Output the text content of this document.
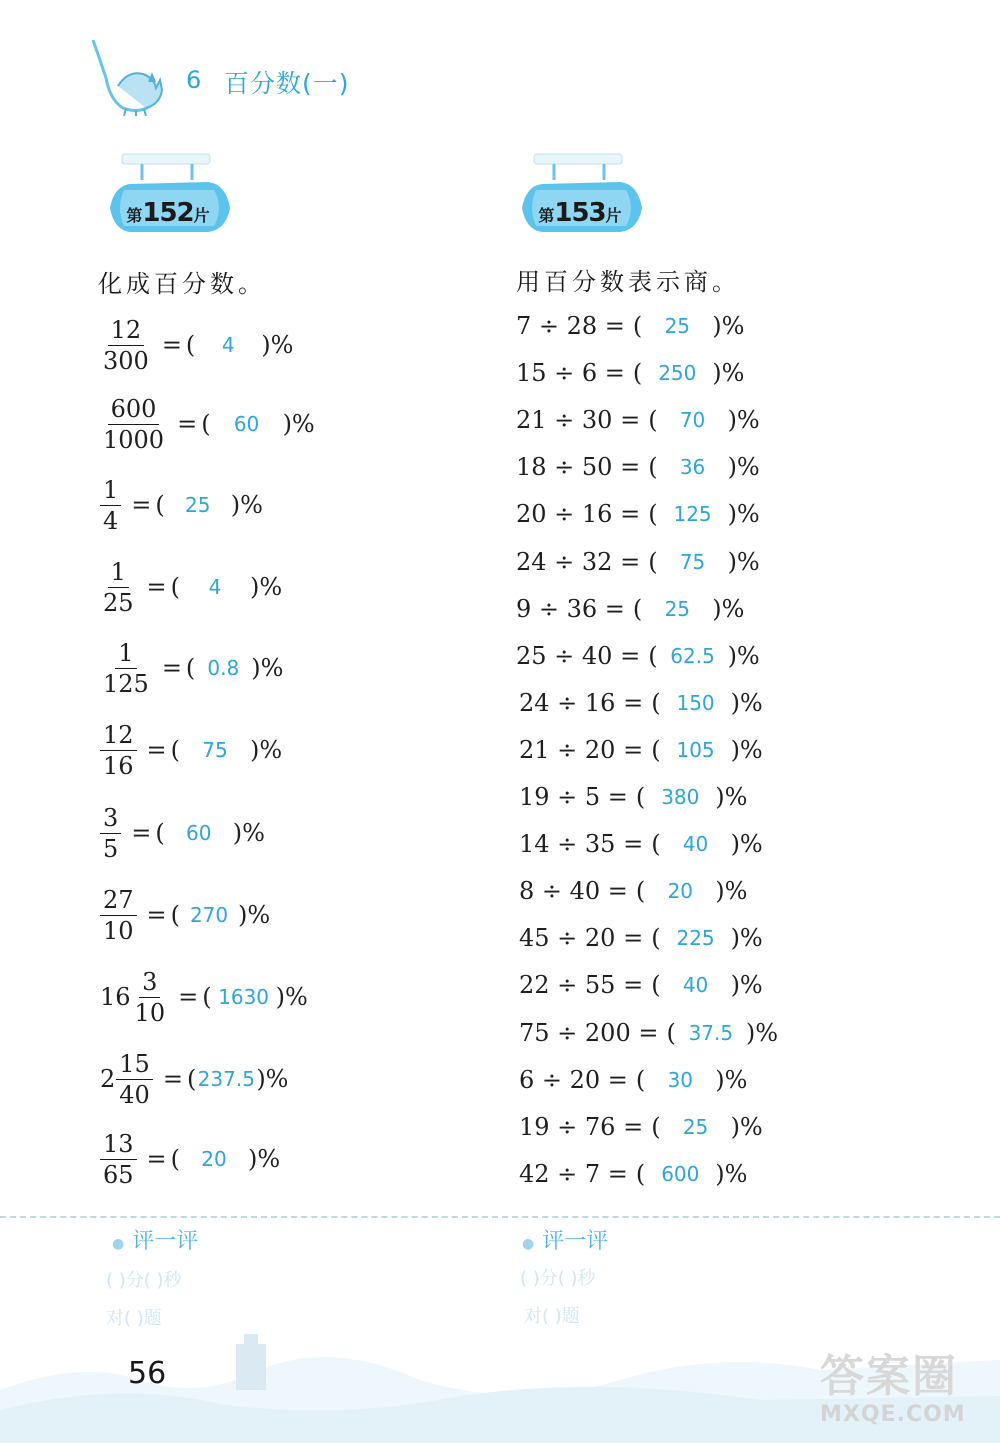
6 百分数(一)
第152片	第153片
化成百分数。	用百分数表示商。
$\frac{12}{300}$ = (	4	)%
$\frac{600}{1000}$ = (	60 )%
$\frac{1}{4}$ = (	25 )%
$\frac{1}{25}$ = (	4	)%
$\frac{1}{125}$ = ( 0.8 )%
$\frac{12}{16}$ = (	75 )%
$\frac{3}{5}$ = (	60 )%
$\frac{27}{10}$ = ( 270 )%
$16 \frac{3}{10}$ = ( 1630 )%
$2 \frac{15}{40}$ = ( 237.5 )%
$\frac{13}{65}$ = (	20 )%
7 ÷ 28 = (	25 )%
15 ÷ 6 = ( 250 )%
21 ÷ 30 = (	70 )%
18 ÷ 50 = (	36 )%
20 ÷ 16 = ( 125 )%
24 ÷ 32 = (	75 )%
9 ÷ 36 = (	25 )%
25 ÷ 40 = ( 62.5 )%
24 ÷ 16 = ( 150 )%
21 ÷ 20 = ( 105 )%
19 ÷ 5 = ( 380 )%
14 ÷ 35 = (	40 )%
8 ÷ 40 = (	20 )%
45 ÷ 20 = ( 225 )%
22 ÷ 55 = (	40 )%
75 ÷ 200 = ( 37.5 )%
6 ÷ 20 = (	30 )%
19 ÷ 76 = (	25 )%
42 ÷ 7 = ( 600 )%
● 评一评
( )分( )秒
对( )题
● 评一评
( )分( )秒
对( )题
56	答案圈
MXQE.COM
